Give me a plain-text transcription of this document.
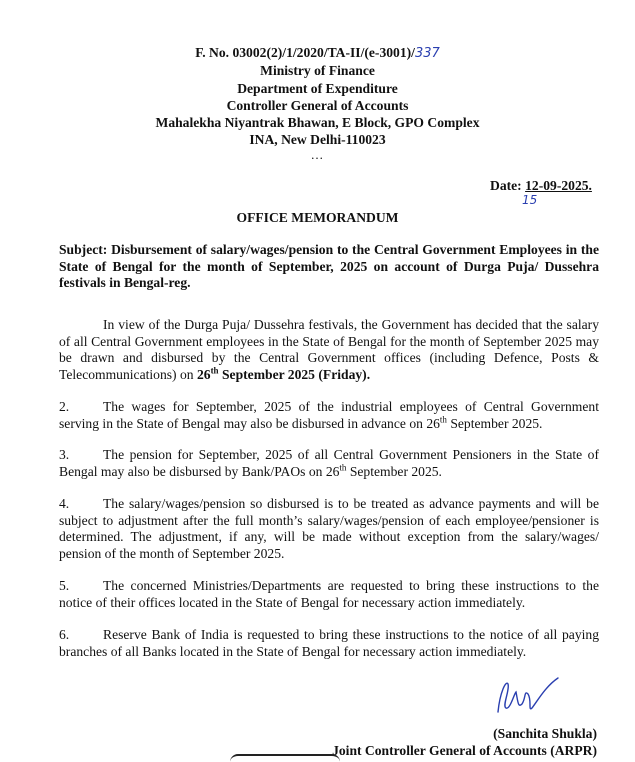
F. No. 03002(2)/1/2020/TA-II/(e-3001)/337
Ministry of Finance
Department of Expenditure
Controller General of Accounts
Mahalekha Niyantrak Bhawan, E Block, GPO Complex
INA, New Delhi-110023
...
Date: 12-09-2025.
15
OFFICE MEMORANDUM

Subject: Disbursement of salary/wages/pension to the Central Government Employees in the State of Bengal for the month of September, 2025 on account of Durga Puja/ Dussehra festivals in Bengal-reg.

In view of the Durga Puja/ Dussehra festivals, the Government has decided that the salary of all Central Government employees in the State of Bengal for the month of September 2025 may be drawn and disbursed by the Central Government offices (including Defence, Posts & Telecommunications) on 26th September 2025 (Friday).

2. The wages for September, 2025 of the industrial employees of Central Government serving in the State of Bengal may also be disbursed in advance on 26th September 2025.

3. The pension for September, 2025 of all Central Government Pensioners in the State of Bengal may also be disbursed by Bank/PAOs on 26th September 2025.

4. The salary/wages/pension so disbursed is to be treated as advance payments and will be subject to adjustment after the full month’s salary/wages/pension of each employee/pensioner is determined. The adjustment, if any, will be made without exception from the salary/wages/ pension of the month of September 2025.

5. The concerned Ministries/Departments are requested to bring these instructions to the notice of their offices located in the State of Bengal for necessary action immediately.

6. Reserve Bank of India is requested to bring these instructions to the notice of all paying branches of all Banks located in the State of Bengal for necessary action immediately.

(Sanchita Shukla)
Joint Controller General of Accounts (ARPR)
